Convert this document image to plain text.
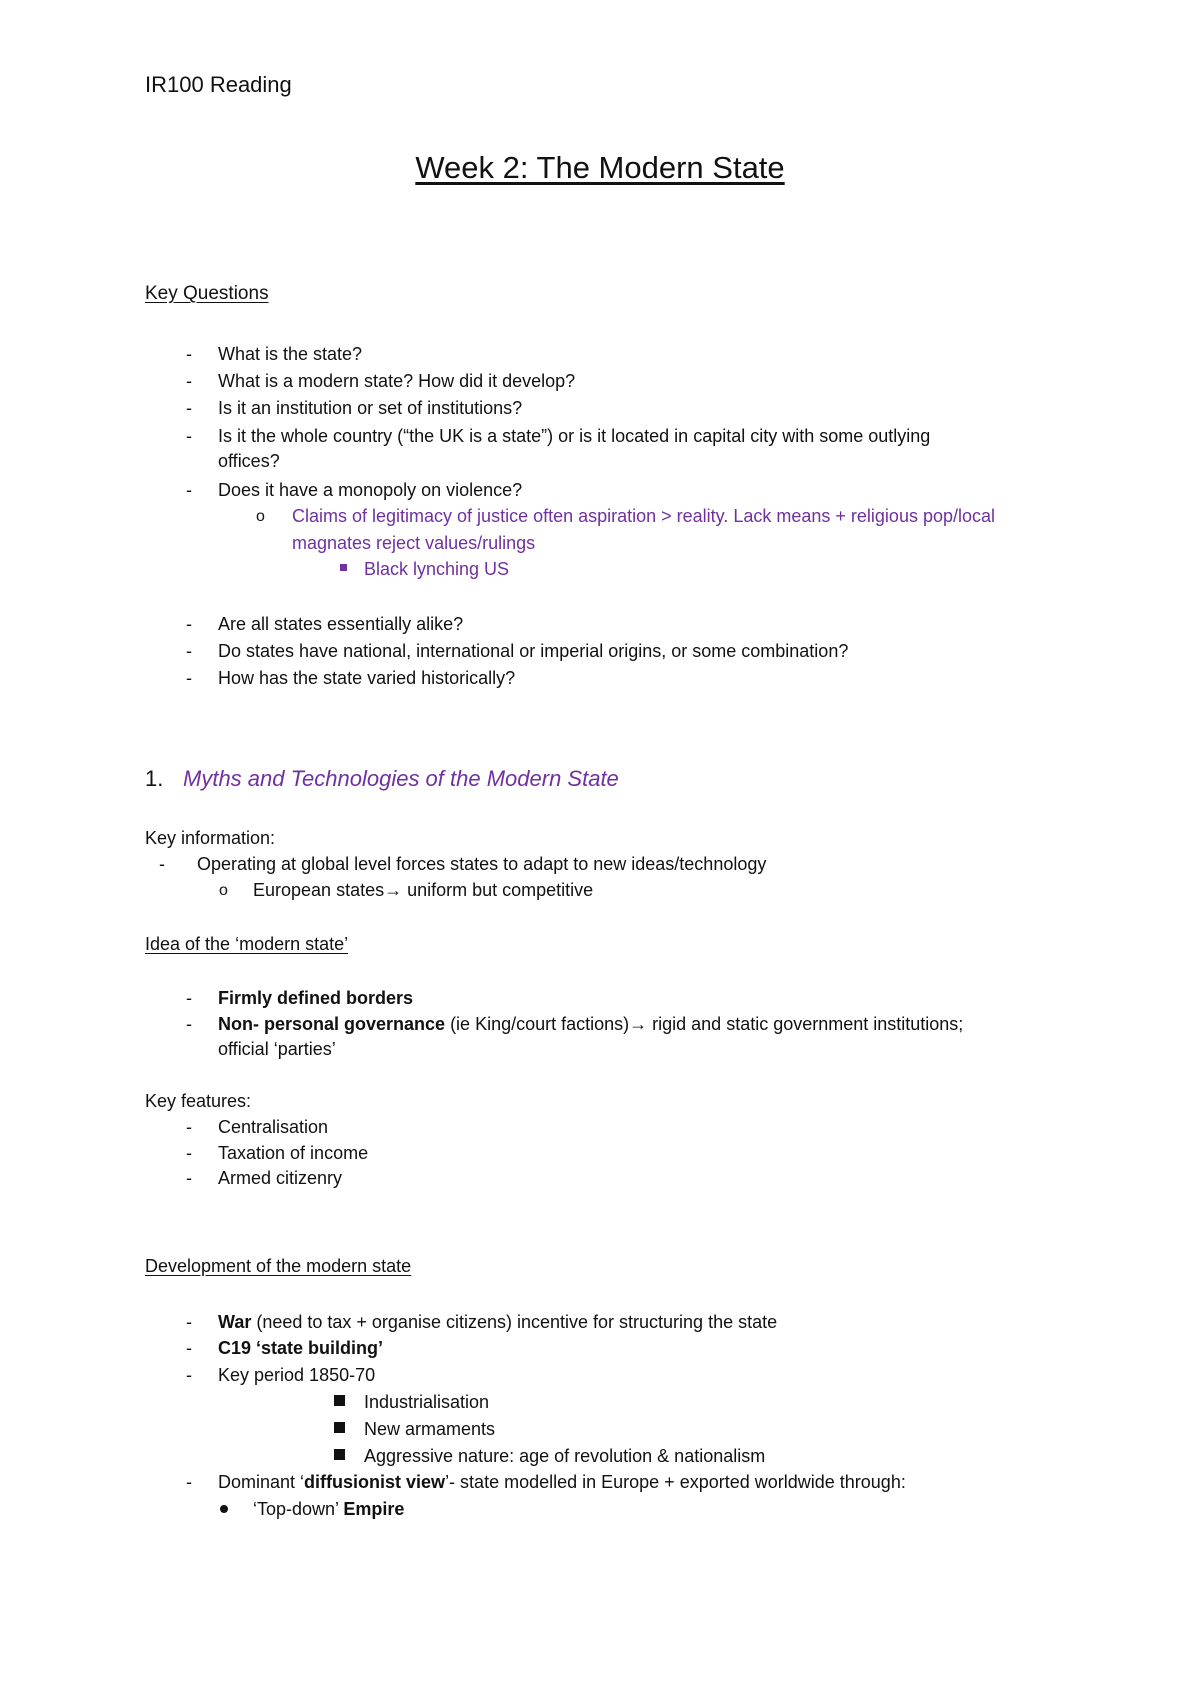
IR100 Reading
Week 2: The Modern State
Key Questions
- What is the state?
- What is a modern state? How did it develop?
- Is it an institution or set of institutions?
- Is it the whole country (“the UK is a state”) or is it located in capital city with some outlying
offices?
- Does it have a monopoly on violence?
o Claims of legitimacy of justice often aspiration > reality. Lack means + religious pop/local
magnates reject values/rulings
Black lynching US
- Are all states essentially alike?
- Do states have national, international or imperial origins, or some combination?
- How has the state varied historically?
1. Myths and Technologies of the Modern State
Key information:
- Operating at global level forces states to adapt to new ideas/technology
o European states→ uniform but competitive
Idea of the ‘modern state’
- Firmly defined borders
- Non- personal governance (ie King/court factions)→ rigid and static government institutions;
official ‘parties’
Key features:
- Centralisation
- Taxation of income
- Armed citizenry
Development of the modern state
- War (need to tax + organise citizens) incentive for structuring the state
- C19 ‘state building’
- Key period 1850-70
Industrialisation
New armaments
Aggressive nature: age of revolution & nationalism
- Dominant ‘diffusionist view’- state modelled in Europe + exported worldwide through:
‘Top-down’ Empire
